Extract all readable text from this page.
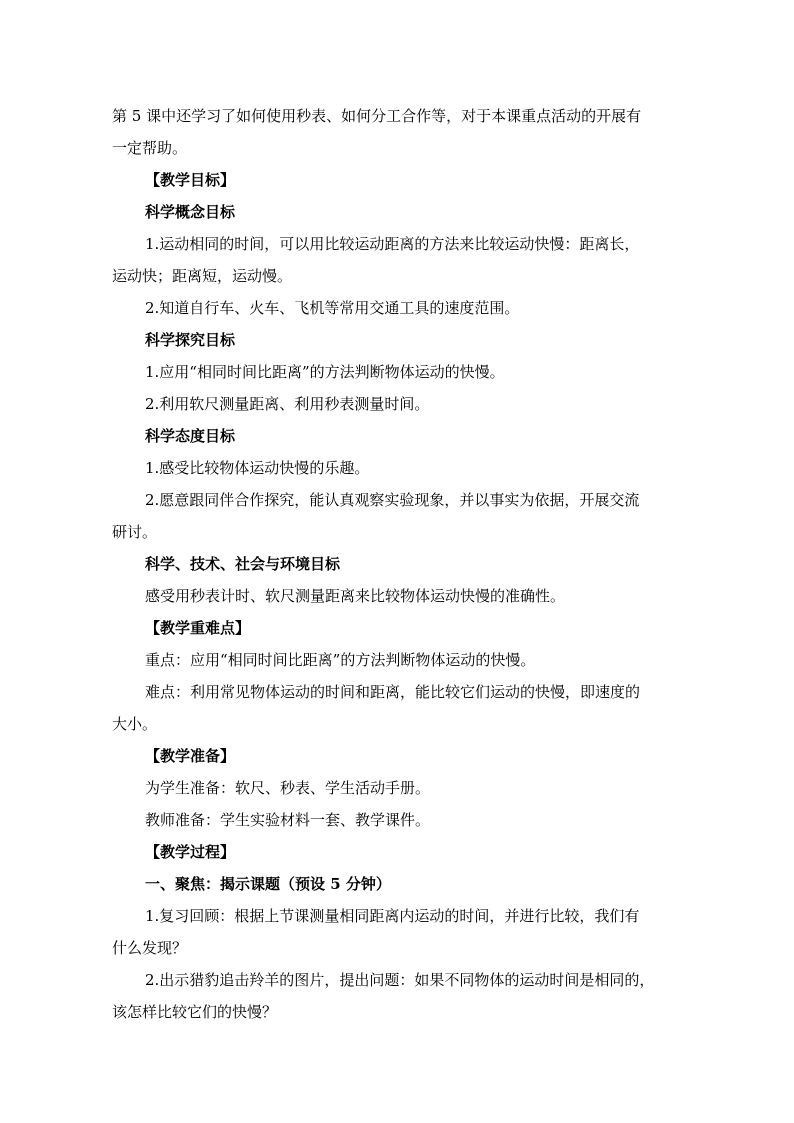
第 5 课中还学习了如何使用秒表、如何分工合作等，对于本课重点活动的开展有
一定帮助。
【教学目标】
科学概念目标
1.运动相同的时间，可以用比较运动距离的方法来比较运动快慢：距离长，
运动快；距离短，运动慢。
2.知道自行车、火车、飞机等常用交通工具的速度范围。
科学探究目标
1.应用“相同时间比距离”的方法判断物体运动的快慢。
2.利用软尺测量距离、利用秒表测量时间。
科学态度目标
1.感受比较物体运动快慢的乐趣。
2.愿意跟同伴合作探究，能认真观察实验现象，并以事实为依据，开展交流
研讨。
科学、技术、社会与环境目标
感受用秒表计时、软尺测量距离来比较物体运动快慢的准确性。
【教学重难点】
重点：应用“相同时间比距离”的方法判断物体运动的快慢。
难点：利用常见物体运动的时间和距离，能比较它们运动的快慢，即速度的
大小。
【教学准备】
为学生准备：软尺、秒表、学生活动手册。
教师准备：学生实验材料一套、教学课件。
【教学过程】
一、聚焦：揭示课题（预设 5 分钟）
1.复习回顾：根据上节课测量相同距离内运动的时间，并进行比较，我们有
什么发现？
2.出示猎豹追击羚羊的图片，提出问题：如果不同物体的运动时间是相同的，
该怎样比较它们的快慢？
